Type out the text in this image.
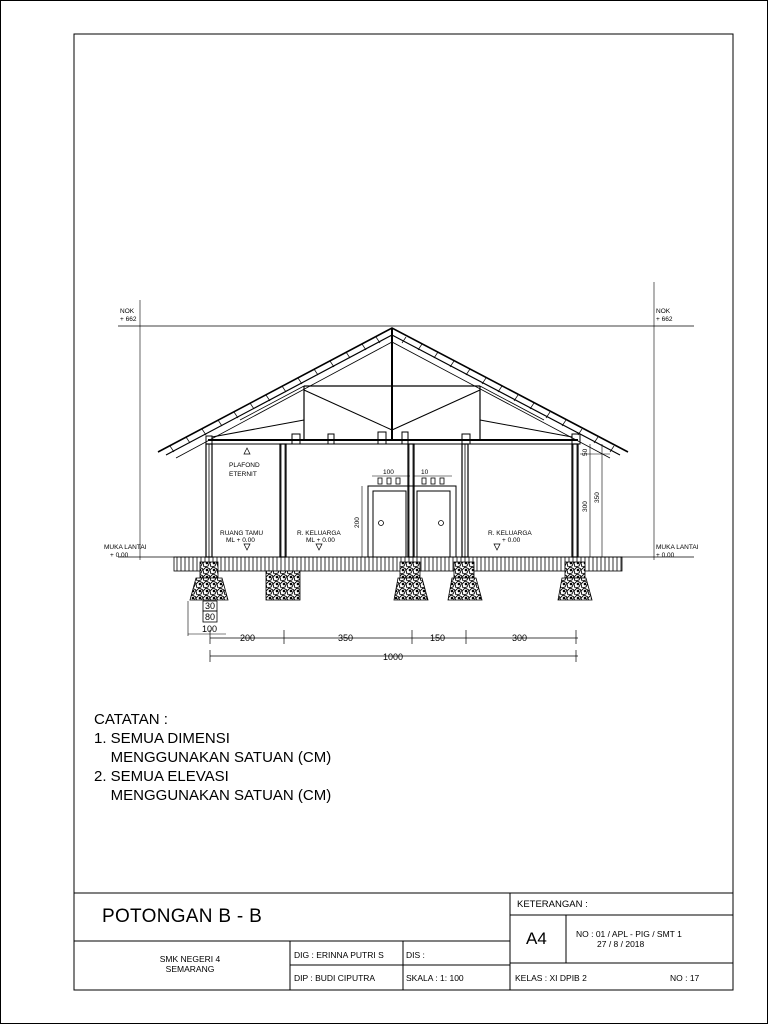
NOK
+ 662
NOK
+ 662
MUKA LANTAI
+ 0.00
MUKA LANTAI
+ 0.00
PLAFOND
ETERNIT
RUANG TAMU
ML + 0.00
R. KELUARGA
ML + 0.00
R. KELUARGA
+ 0.00
100	10
200
50
300
350
30
80
100
200	350	150	300
1000
CATATAN :
1. SEMUA DIMENSI
MENGGUNAKAN SATUAN (CM)
2. SEMUA ELEVASI
MENGGUNAKAN SATUAN (CM)
POTONGAN B - B
KETERANGAN :
A4	NO : 01 / APL - PIG / SMT 1
27 / 8 / 2018
SMK NEGERI 4
SEMARANG
DIG : ERINNA PUTRI S	DIS :
DIP : BUDI CIPUTRA	SKALA : 1: 100	KELAS : XI DPIB 2	NO : 17
